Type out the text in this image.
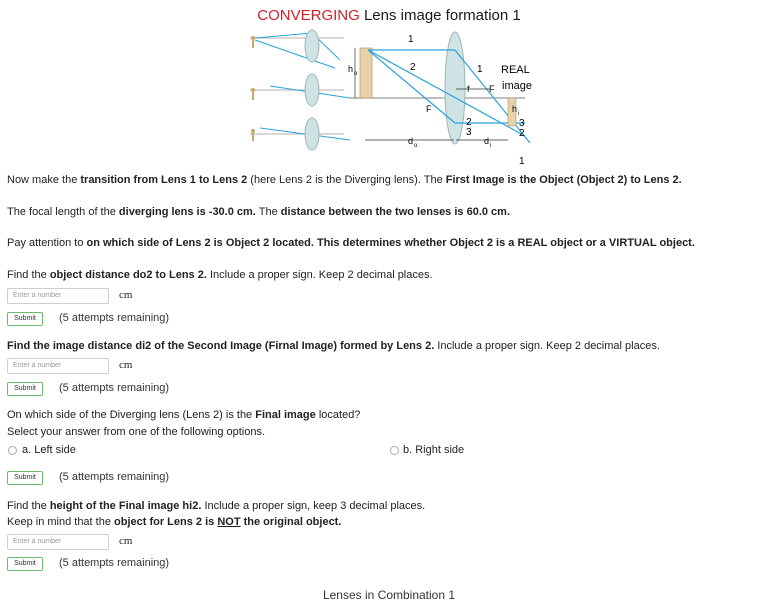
CONVERGING Lens image formation 1
1
2	1
2
3
3
2
1
h o
h i
d o	d i
f
F
F
REAL
image
Now make the transition from Lens 1 to Lens 2 (here Lens 2 is the Diverging lens). The First Image is the Object (Object 2) to Lens 2.
The focal length of the diverging lens is -30.0 cm. The distance between the two lenses is 60.0 cm.
Pay attention to on which side of Lens 2 is Object 2 located. This determines whether Object 2 is a REAL object or a VIRTUAL object.
Find the object distance do2 to Lens 2. Include a proper sign. Keep 2 decimal places.
Enter a number	cm
Submit	(5 attempts remaining)
Find the image distance di2 of the Second Image (Firnal Image) formed by Lens 2. Include a proper sign. Keep 2 decimal places.
Enter a number	cm
Submit	(5 attempts remaining)
On which side of the Diverging lens (Lens 2) is the Final image located?
Select your answer from one of the following options.
a. Left side	b. Right side
Submit	(5 attempts remaining)
Find the height of the Final image hi2. Include a proper sign, keep 3 decimal places.
Keep in mind that the object for Lens 2 is NOT the original object.
Enter a number	cm
Submit	(5 attempts remaining)
Lenses in Combination 1
